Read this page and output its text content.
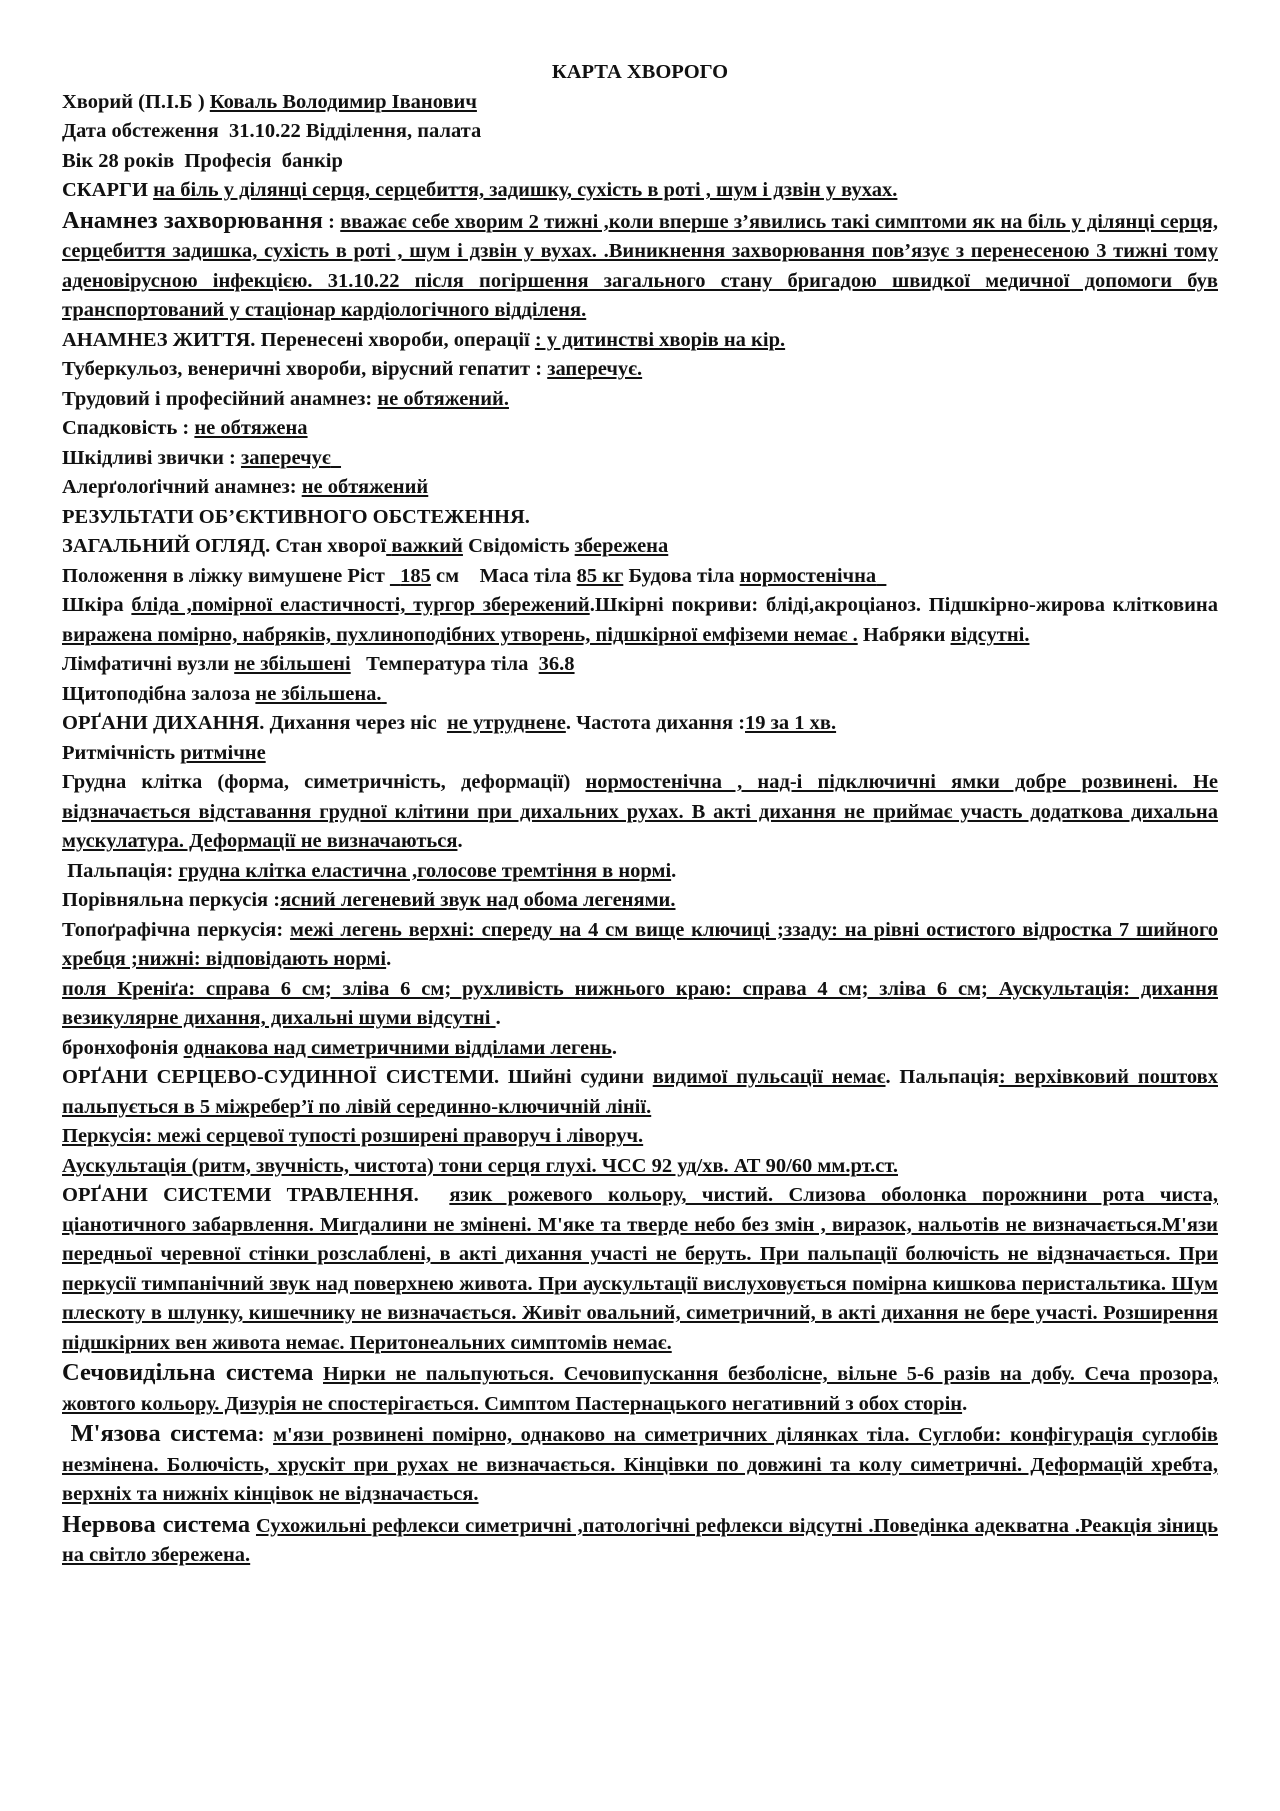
КАРТА ХВОРОГО

Хворий (П.І.Б ) Коваль Володимир Іванович

Дата обстеження 31.10.22 Відділення, палата

Вік 28 років Професія банкір

СКАРГИ на біль у ділянці серця, серцебиття, задишку, сухість в роті , шум і дзвін у вухах.

Анамнез захворювання : вважає себе хворим 2 тижні ,коли вперше з’явились такі симптоми як на біль у ділянці серця, серцебиття задишка, сухість в роті , шум і дзвін у вухах. .Виникнення захворювання пов’язує з перенесеною 3 тижні тому аденовірусною інфекцією. 31.10.22 після погіршення загального стану бригадою швидкої медичної допомоги був транспортований у стаціонар кардіологічного відділеня.

АНАМНЕЗ ЖИТТЯ. Перенесені хвороби, операції : у дитинстві хворів на кір.

Туберкульоз, венеричні хвороби, вірусний гепатит : заперечує.

Трудовий і професійний анамнез: не обтяжений.

Спадковість : не обтяжена

Шкідливі звички : заперечує

Алерґолоґічний анамнез: не обтяжений

РЕЗУЛЬТАТИ ОБ’ЄКТИВНОГО ОБСТЕЖЕННЯ.

ЗАГАЛЬНИЙ ОГЛЯД. Стан хворої важкий Свідомість збережена

Положення в ліжку вимушене Ріст 185 см Маса тіла 85 кг Будова тіла нормостенічна

Шкіра бліда ,помірної еластичності, тургор збережений.Шкірні покриви: бліді,акроціаноз. Підшкірно-жирова клітковина виражена помірно, набряків, пухлиноподібних утворень, підшкірної емфіземи немає . Набряки відсутні.

Лімфатичні вузли не збільшені Температура тіла 36.8

Щитоподібна залоза не збільшена.

ОРҐАНИ ДИХАННЯ. Дихання через ніс не утруднене. Частота дихання :19 за 1 хв.

Ритмічність ритмічне

Грудна клітка (форма, симетричність, деформації) нормостенічна , над-і підключичні ямки добре розвинені. Не відзначається відставання грудної клітини при дихальних рухах. В акті дихання не приймає участь додаткова дихальна мускулатура. Деформації не визначаються.

Пальпація: грудна клітка еластична ,голосове тремтіння в нормі.

Порівняльна перкусія :ясний легеневий звук над обома легенями.

Топоґрафічна перкусія: межі легень верхні: спереду на 4 см вище ключиці ;ззаду: на рівні остистого відростка 7 шийного хребця ;нижні: відповідають нормі.

поля Креніґа: справа 6 см; зліва 6 см; рухливість нижнього краю: справа 4 см; зліва 6 см; Аускультація: дихання везикулярне дихання, дихальні шуми відсутні .

бронхофонія однакова над симетричними відділами легень.

ОРҐАНИ СЕРЦЕВО-СУДИННОЇ СИСТЕМИ. Шийні судини видимої пульсації немає. Пальпація: верхівковий поштовх пальпується в 5 міжребер’ї по лівій серединно-ключичній лінії.

Перкусія: межі серцевої тупості розширені праворуч і ліворуч.

Аускультація (ритм, звучність, чистота) тони серця глухі. ЧСС 92 уд/хв. АТ 90/60 мм.рт.ст.

ОРҐАНИ СИСТЕМИ ТРАВЛЕННЯ. язик рожевого кольору, чистий. Слизова оболонка порожнини рота чиста, ціанотичного забарвлення. Мигдалини не змінені. М'яке та тверде небо без змін , виразок, нальотів не визначається.М'язи передньої черевної стінки розслаблені, в акті дихання участі не беруть. При пальпації болючість не відзначається. При перкусії тимпанічний звук над поверхнею живота. При аускультації вислуховується помірна кишкова перистальтика. Шум плескоту в шлунку, кишечнику не визначається. Живіт овальний, симетричний, в акті дихання не бере участі. Розширення підшкірних вен живота немає. Перитонеальних симптомів немає.

Сечовидільна система Нирки не пальпуються. Сечовипускання безболісне, вільне 5-6 разів на добу. Сеча прозора, жовтого кольору. Дизурія не спостерігається. Симптом Пастернацького негативний з обох сторін.

М'язова система: м'язи розвинені помірно, однаково на симетричних ділянках тіла. Суглоби: конфігурація суглобів незмінена. Болючість, хрускіт при рухах не визначається. Кінцівки по довжині та колу симетричні. Деформацій хребта, верхніх та нижніх кінцівок не відзначається.

Нервова система Сухожильні рефлекси симетричні ,патологічні рефлекси відсутні .Поведінка адекватна .Реакція зіниць на світло збережена.
